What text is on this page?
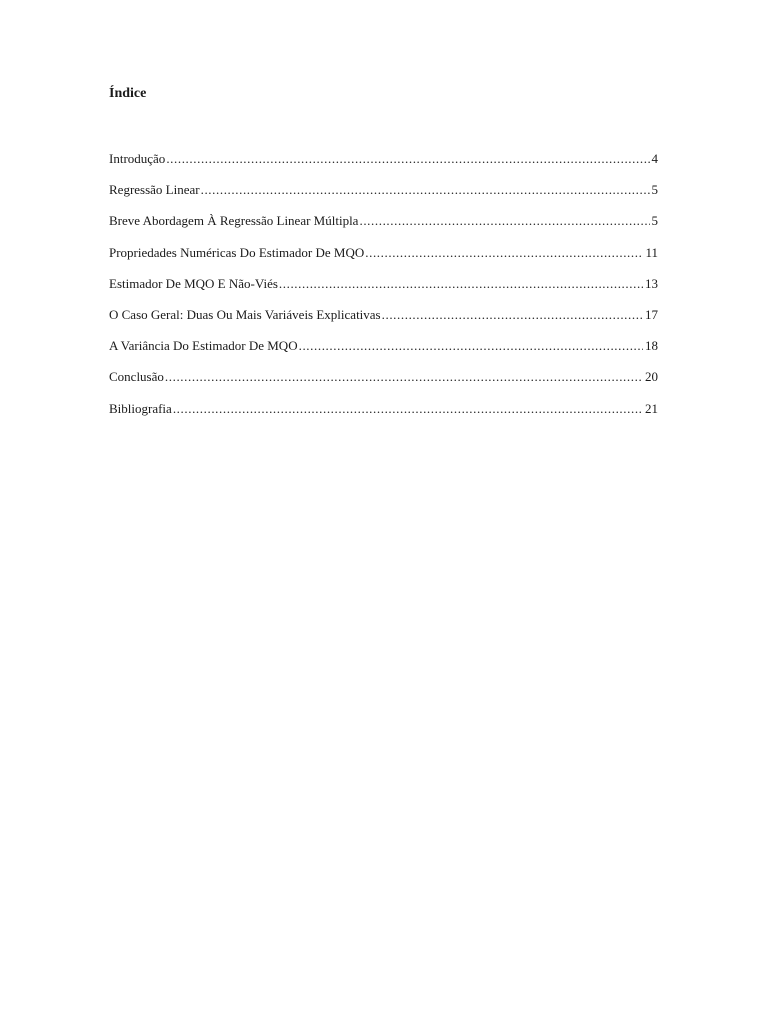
Índice
Introdução .....	4
Regressão Linear .....	5
Breve Abordagem À Regressão Linear Múltipla .....	5
Propriedades Numéricas Do Estimador De MQO .....	11
Estimador De MQO E Não-Viés .....	13
O Caso Geral: Duas Ou Mais Variáveis Explicativas .....	17
A Variância Do Estimador De MQO .....	18
Conclusão .....	20
Bibliografia .....	21
